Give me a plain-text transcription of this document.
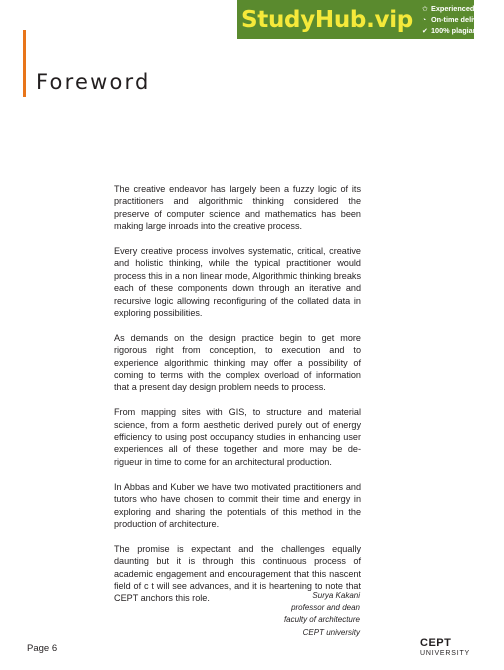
StudyHub.vip ✩ Experienced writers
◔ On-time delivery
✔ 100% plagiarism free
Foreword

The creative endeavor has largely been a fuzzy logic of its practitioners and algorithmic thinking considered the preserve of computer science and mathematics has been making large inroads into the creative process.

Every creative process involves systematic, critical, creative and holistic thinking, while the typical practitioner would process this in a non linear mode, Algorithmic thinking breaks each of these components down through an iterative and recursive logic allowing reconfiguring of the collated data in exploring possibilities.

As demands on the design practice begin to get more rigorous right from conception, to execution and to experience algorithmic thinking may offer a possibility of coming to terms with the complex overload of information that a present day design problem needs to process.

From mapping sites with GIS, to structure and material science, from a form aesthetic derived purely out of energy efficiency to using post occupancy studies in enhancing user experiences all of these together and more may be de-rigueur in time to come for an architectural production.

In Abbas and Kuber we have two motivated practitioners and tutors who have chosen to commit their time and energy in exploring and sharing the potentials of this method in the production of architecture.

The promise is expectant and the challenges equally daunting but it is through this continuous process of academic engagement and encouragement that this nascent field of c t will see advances, and it is heartening to note that CEPT anchors this role.	Surya Kakani
professor and dean
faculty of architecture
CEPT university
Page 6	CEPT
UNIVERSITY
